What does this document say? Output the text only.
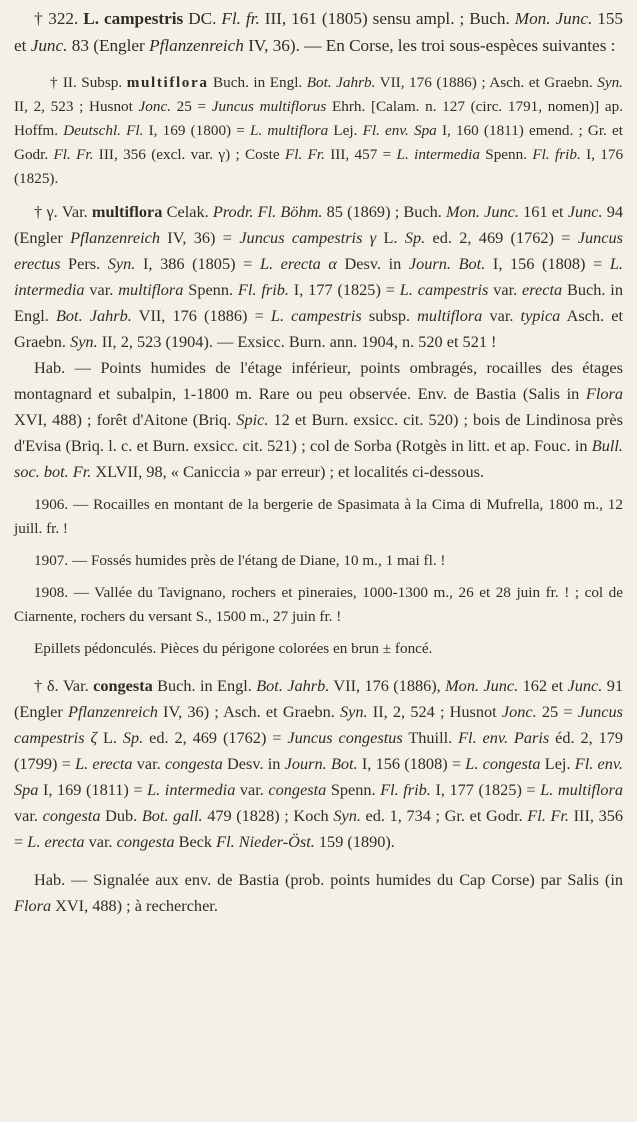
† 322. L. campestris DC. Fl. fr. III, 161 (1805) sensu ampl. ; Buch. Mon. Junc. 155 et Junc. 83 (Engler Pflanzenreich IV, 36). — En Corse, les troi sous-espèces suivantes :

† II. Subsp. multiflora Buch. in Engl. Bot. Jahrb. VII, 176 (1886) ; Asch. et Graebn. Syn. II, 2, 523 ; Husnot Jonc. 25 = Juncus multiflorus Ehrh. [Calam. n. 127 (circ. 1791, nomen)] ap. Hoffm. Deutschl. Fl. I, 169 (1800) = L. multiflora Lej. Fl. env. Spa I, 160 (1811) emend. ; Gr. et Godr. Fl. Fr. III, 356 (excl. var. γ) ; Coste Fl. Fr. III, 457 = L. intermedia Spenn. Fl. frib. I, 176 (1825).

† γ. Var. multiflora Celak. Prodr. Fl. Böhm. 85 (1869) ; Buch. Mon. Junc. 161 et Junc. 94 (Engler Pflanzenreich IV, 36) = Juncus campestris γ L. Sp. ed. 2, 469 (1762) = Juncus erectus Pers. Syn. I, 386 (1805) = L. erecta α Desv. in Journ. Bot. I, 156 (1808) = L. intermedia var. multiflora Spenn. Fl. frib. I, 177 (1825) = L. campestris var. erecta Buch. in Engl. Bot. Jahrb. VII, 176 (1886) = L. campestris subsp. multiflora var. typica Asch. et Graebn. Syn. II, 2, 523 (1904). — Exsicc. Burn. ann. 1904, n. 520 et 521 !

Hab. — Points humides de l'étage inférieur, points ombragés, rocailles des étages montagnard et subalpin, 1-1800 m. Rare ou peu observée. Env. de Bastia (Salis in Flora XVI, 488) ; forêt d'Aitone (Briq. Spic. 12 et Burn. exsicc. cit. 520) ; bois de Lindinosa près d'Evisa (Briq. l. c. et Burn. exsicc. cit. 521) ; col de Sorba (Rotgès in litt. et ap. Fouc. in Bull. soc. bot. Fr. XLVII, 98, « Caniccia » par erreur) ; et localités ci-dessous.

1906. — Rocailles en montant de la bergerie de Spasimata à la Cima di Mufrella, 1800 m., 12 juill. fr. !

1907. — Fossés humides près de l'étang de Diane, 10 m., 1 mai fl. !

1908. — Vallée du Tavignano, rochers et pineraies, 1000-1300 m., 26 et 28 juin fr. ! ; col de Ciarnente, rochers du versant S., 1500 m., 27 juin fr. !

Epillets pédonculés. Pièces du périgone colorées en brun ± foncé.

† δ. Var. congesta Buch. in Engl. Bot. Jahrb. VII, 176 (1886), Mon. Junc. 162 et Junc. 91 (Engler Pflanzenreich IV, 36) ; Asch. et Graebn. Syn. II, 2, 524 ; Husnot Jonc. 25 = Juncus campestris ζ L. Sp. ed. 2, 469 (1762) = Juncus congestus Thuill. Fl. env. Paris éd. 2, 179 (1799) = L. erecta var. congesta Desv. in Journ. Bot. I, 156 (1808) = L. congesta Lej. Fl. env. Spa I, 169 (1811) = L. intermedia var. congesta Spenn. Fl. frib. I, 177 (1825) = L. multiflora var. congesta Dub. Bot. gall. 479 (1828) ; Koch Syn. ed. 1, 734 ; Gr. et Godr. Fl. Fr. III, 356 = L. erecta var. congesta Beck Fl. Nieder-Öst. 159 (1890).

Hab. — Signalée aux env. de Bastia (prob. points humides du Cap Corse) par Salis (in Flora XVI, 488) ; à rechercher.
